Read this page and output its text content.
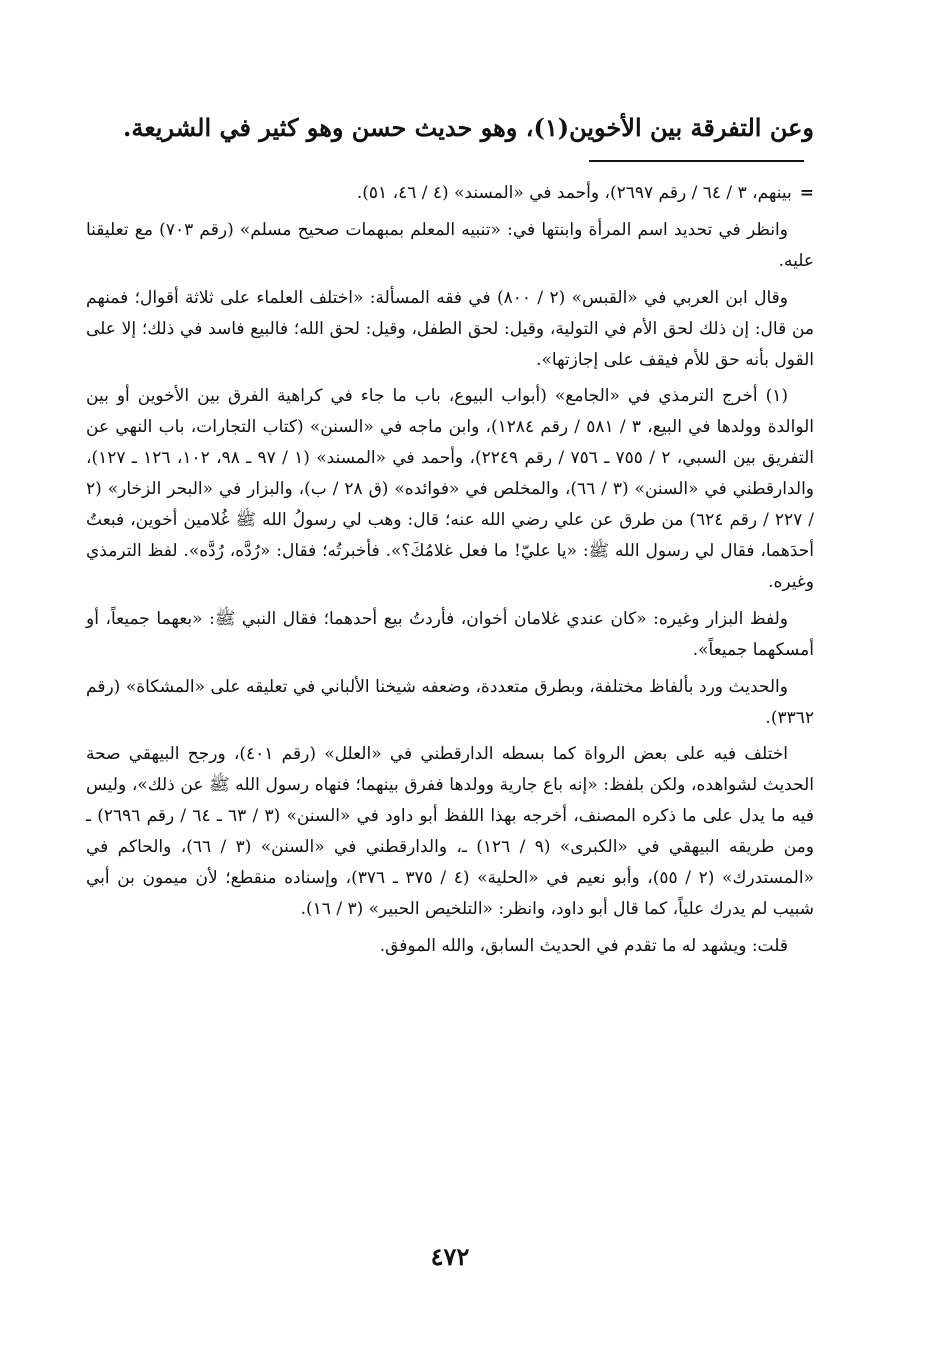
وعن التفرقة بين الأخوين(١)، وهو حديث حسن وهو كثير في الشريعة.

=بينهم، ٣ / ٦٤ / رقم ٢٦٩٧)، وأحمد في «المسند» (٤ / ٤٦، ٥١).

وانظر في تحديد اسم المرأة وابنتها في: «تنبيه المعلم بمبهمات صحيح مسلم» (رقم ٧٠٣) مع تعليقنا عليه.

وقال ابن العربي في «القبس» (٢ / ٨٠٠) في فقه المسألة: «اختلف العلماء على ثلاثة أقوال؛ فمنهم من قال: إن ذلك لحق الأم في التولية، وقيل: لحق الطفل، وقيل: لحق الله؛ فالبيع فاسد في ذلك؛ إلا على القول بأنه حق للأم فيقف على إجازتها».

(١) أخرج الترمذي في «الجامع» (أبواب البيوع، باب ما جاء في كراهية الفرق بين الأخوين أو بين الوالدة وولدها في البيع، ٣ / ٥٨١ / رقم ١٢٨٤)، وابن ماجه في «السنن» (كتاب التجارات، باب النهي عن التفريق بين السبي، ٢ / ٧٥٥ ـ ٧٥٦ / رقم ٢٢٤٩)، وأحمد في «المسند» (١ / ٩٧ ـ ٩٨، ١٠٢، ١٢٦ ـ ١٢٧)، والدارقطني في «السنن» (٣ / ٦٦)، والمخلص في «فوائده» (ق ٢٨ / ب)، والبزار في «البحر الزخار» (٢ / ٢٢٧ / رقم ٦٢٤) من طرق عن علي رضي الله عنه؛ قال: وهب لي رسولُ الله ﷺ غُلامين أخوين، فبعتُ أحدَهما، فقال لي رسول الله ﷺ: «يا عليّ! ما فعل غلامُكَ؟». فأخبرتُه؛ فقال: «رُدَّه، رُدَّه». لفظ الترمذي وغيره.

ولفظ البزار وغيره: «كان عندي غلامان أخوان، فأردتُ بيع أحدهما؛ فقال النبي ﷺ: «بعهما جميعاً، أو أمسكهما جميعاً».

والحديث ورد بألفاظ مختلفة، وبطرق متعددة، وضعفه شيخنا الألباني في تعليقه على «المشكاة» (رقم ٣٣٦٢).

اختلف فيه على بعض الرواة كما بسطه الدارقطني في «العلل» (رقم ٤٠١)، ورجح البيهقي صحة الحديث لشواهده، ولكن بلفظ: «إنه باع جارية وولدها ففرق بينهما؛ فنهاه رسول الله ﷺ عن ذلك»، وليس فيه ما يدل على ما ذكره المصنف، أخرجه بهذا اللفظ أبو داود في «السنن» (٣ / ٦٣ ـ ٦٤ / رقم ٢٦٩٦) ـ ومن طريقه البيهقي في «الكبرى» (٩ / ١٢٦) ـ، والدارقطني في «السنن» (٣ / ٦٦)، والحاكم في «المستدرك» (٢ / ٥٥)، وأبو نعيم في «الحلية» (٤ / ٣٧٥ ـ ٣٧٦)، وإسناده منقطع؛ لأن ميمون بن أبي شبيب لم يدرك علياً، كما قال أبو داود، وانظر: «التلخيص الحبير» (٣ / ١٦).

قلت: ويشهد له ما تقدم في الحديث السابق، والله الموفق.

٤٧٢
